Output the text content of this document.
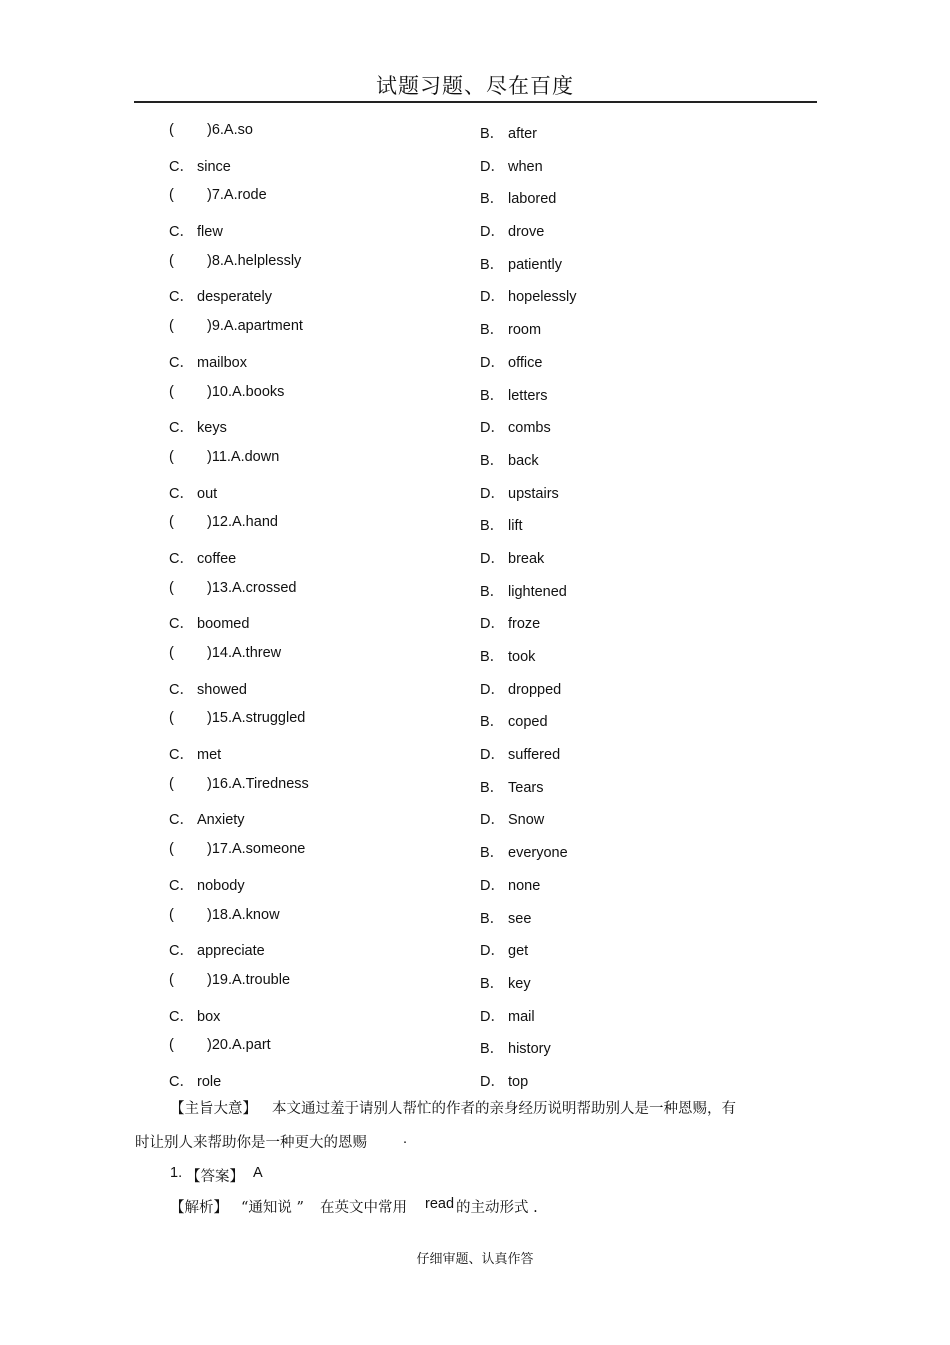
试题习题、尽在百度
( )6.A.so	B． after
C． since	D． when
( )7.A.rode	B． labored
C． flew	D． drove
( )8.A.helplessly	B． patiently
C． desperately	D． hopelessly
( )9.A.apartment	B． room
C． mailbox	D． office
( )10.A.books	B． letters
C． keys	D． combs
( )11.A.down	B． back
C． out	D． upstairs
( )12.A.hand	B． lift
C． coffee	D． break
( )13.A.crossed	B． lightened
C． boomed	D． froze
( )14.A.threw	B． took
C． showed	D． dropped
( )15.A.struggled	B． coped
C． met	D． suffered
( )16.A.Tiredness	B． Tears
C． Anxiety	D． Snow
( )17.A.someone	B． everyone
C． nobody	D． none
( )18.A.know	B． see
C． appreciate	D． get
( )19.A.trouble	B． key
C． box	D． mail
( )20.A.part	B． history
C． role	D． top
【主旨大意】 本文通过羞于请别人帮忙的作者的亲身经历说明帮助别人是一种恩赐，有
时让别人来帮助你是一种更大的恩赐 .
1. 【答案】 A
【解析】 “通知说 ” 在英文中常用 read 的主动形式 .
仔细审题、认真作答
